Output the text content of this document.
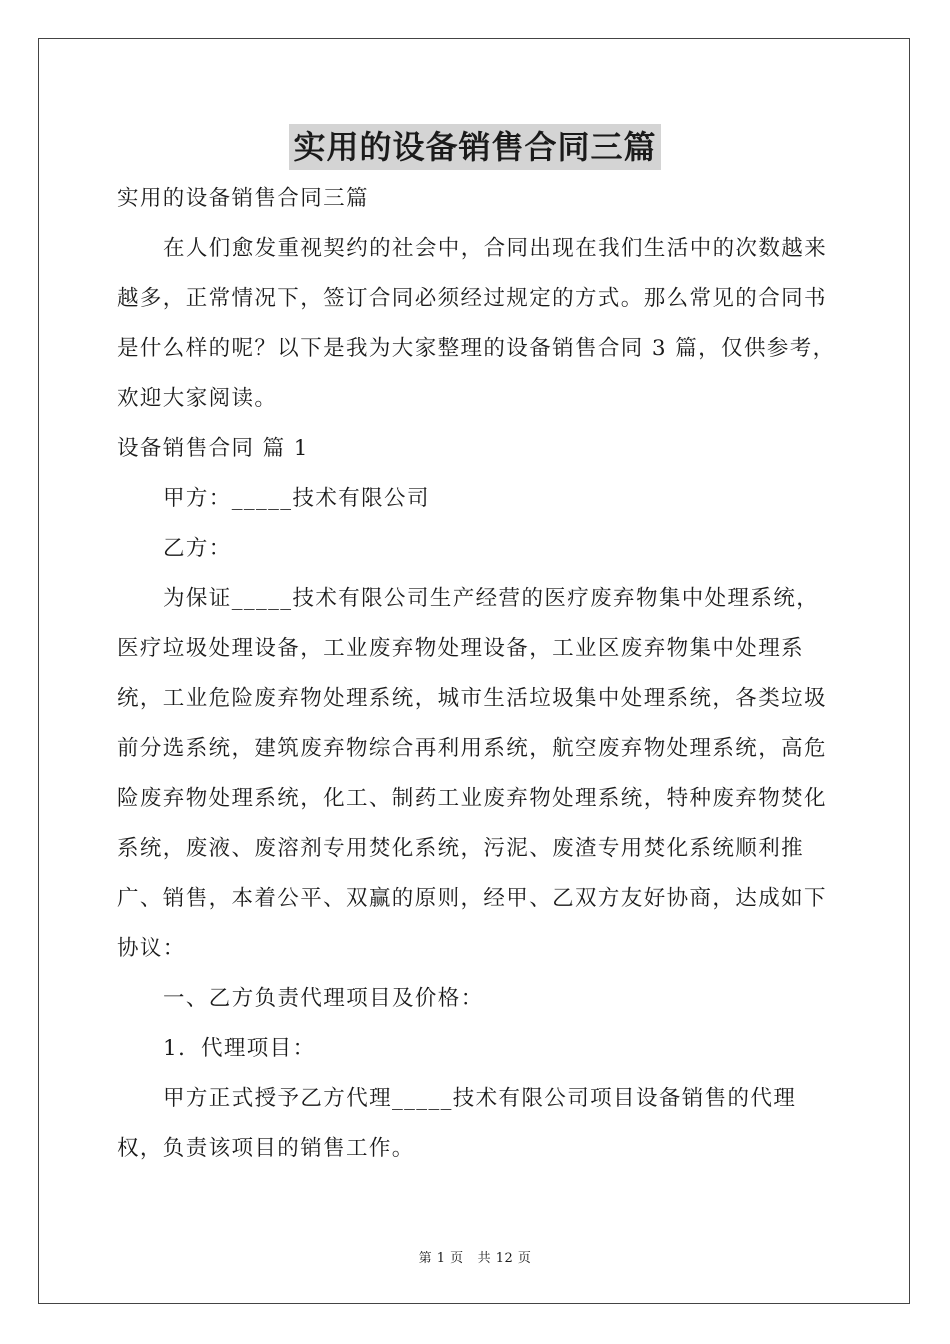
实用的设备销售合同三篇

实用的设备销售合同三篇

在人们愈发重视契约的社会中，合同出现在我们生活中的次数越来越多，正常情况下，签订合同必须经过规定的方式。那么常见的合同书是什么样的呢？以下是我为大家整理的设备销售合同 3 篇，仅供参考，欢迎大家阅读。

设备销售合同 篇 1

甲方：_____技术有限公司

乙方：

为保证_____技术有限公司生产经营的医疗废弃物集中处理系统，医疗垃圾处理设备，工业废弃物处理设备，工业区废弃物集中处理系统，工业危险废弃物处理系统，城市生活垃圾集中处理系统，各类垃圾前分选系统，建筑废弃物综合再利用系统，航空废弃物处理系统，高危险废弃物处理系统，化工、制药工业废弃物处理系统，特种废弃物焚化系统，废液、废溶剂专用焚化系统，污泥、废渣专用焚化系统顺利推广、销售，本着公平、双赢的原则，经甲、乙双方友好协商，达成如下协议：

一、乙方负责代理项目及价格：

1．代理项目：

甲方正式授予乙方代理_____技术有限公司项目设备销售的代理权，负责该项目的销售工作。

第 1 页 共 12 页
